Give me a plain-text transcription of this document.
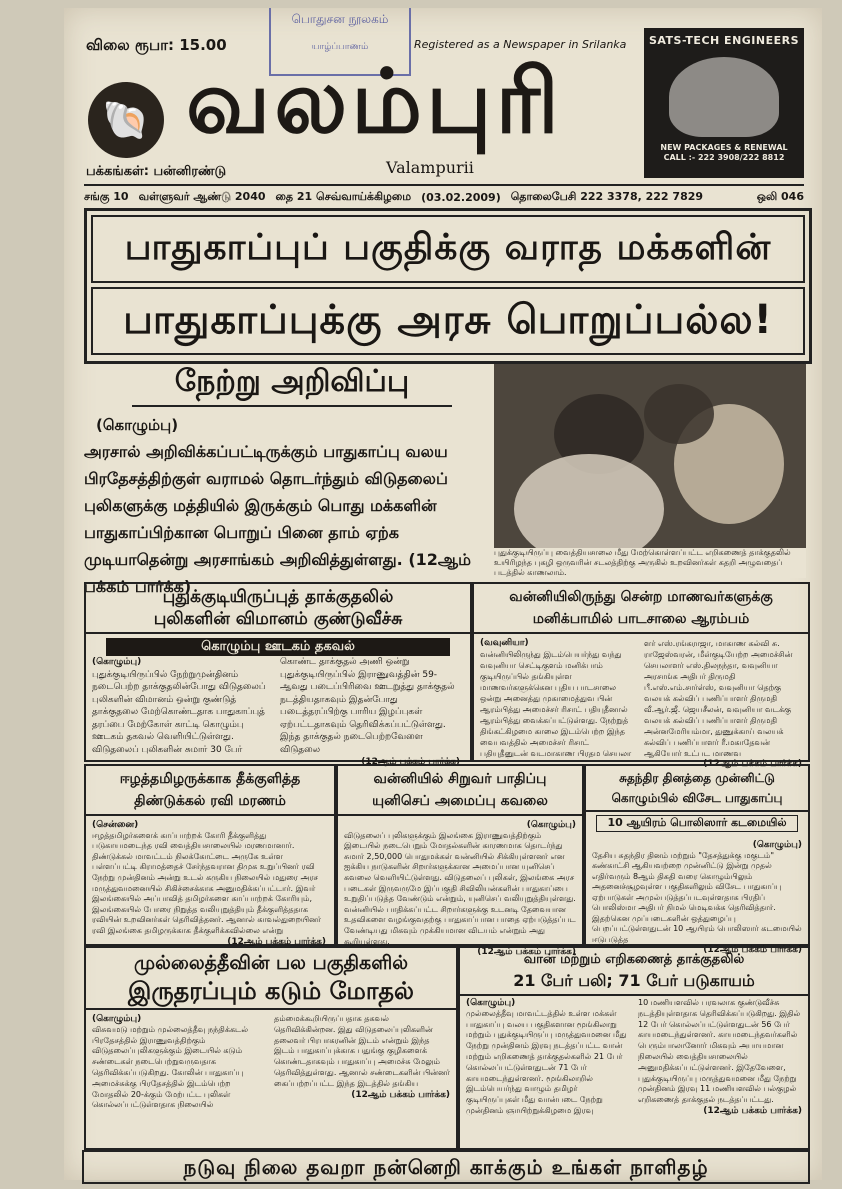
பொதுசன நூலகம்
யாழ்ப்பாணம்
விலை ரூபா: 15.00	Registered as a Newspaper in Srilanka
🐚 வலம்புரி
Valampurii
பக்கங்கள்: பன்னிரண்டு
SATS-TECH ENGINEERS
NEW PACKAGES & RENEWAL
CALL :- 222 3908/222 8812
சங்கு 10 வள்ளுவர் ஆண்டு 2040 தை 21 செவ்வாய்க்கிழமை (03.02.2009) தொலைபேசி 222 3378, 222 7829	ஒலி 046
பாதுகாப்புப் பகுதிக்கு வராத மக்களின்
பாதுகாப்புக்கு அரசு பொறுப்பல்ல!
நேற்று அறிவிப்பு
(கொழும்பு)
அரசால் அறிவிக்கப்பட்டிருக்கும் பாதுகாப்பு வலய பிரதேசத்திற்குள் வராமல் தொடர்ந்தும் விடுதலைப் புலிகளுக்கு மத்தியில் இருக்கும் பொது மக்களின் பாதுகாப்பிற்கான பொறுப் பினை தாம் ஏற்க முடியாதென்று அரசாங்கம் அறிவித்துள்ளது. (12ஆம் பக்கம் பார்க்க)
புதுக்குடியிருப்பு வைத்தியசாலை மீது மேற்கொள்ளப்பட்ட எறிகணைத் தாக்குதலில் உயிரிழந்த புகழி ஒருவரின் சடலத்திற்கு அருகில் உறவினர்கள் கதறி அழுவதைப் படத்தில் காணலாம்.
புதுக்குடியிருப்புத் தாக்குதலில்
புலிகளின் விமானம் குண்டுவீச்சு
கொழும்பு ஊடகம் தகவல்
(கொழும்பு)
புதுக்குடியிருப்பில் நேற்றுமுன்தினம் நடைபெற்ற தாக்குதலின்போது விடுதலைப் புலிகளின் விமானம் ஒன்று குண்டுத் தாக்குதலை மேற்கொண்டதாக பாதுகாப்புத் தரப்பை மேற்கோள் காட்டி கொழும்பு ஊடகம் தகவல் வெளியிட்டுள்ளது. விடுதலைப் புலிகளின் சுமார் 30 பேர்
கொண்ட தாக்குதல் அணி ஒன்று புதுக்குடியிருப்பில் இராணுவத்தின் 59-ஆவது படைப்பிரிவை ஊடறுத்து தாக்குதல் நடத்தியதாகவும் இதன்போது படைத்தரப்பிற்கு பாரிய இழப்புகள் ஏற்பட்டதாகவும் தெரிவிக்கப்பட்டுள்ளது. இந்த தாக்குதல் நடைபெற்றவேளை விடுதலை
(12ஆம் பக்கம் பார்க்க)
வன்னியிலிருந்து சென்ற மாணவர்களுக்கு
மனிக்பாமில் பாடசாலை ஆரம்பம்
(வவுனியா)
வன்னியிலிருந்து இடம்பெயர்ந்து வந்து வவுனியா செட்டிகுளம் மனிக்பாம் குடியிருப்பில் தங்கியுள்ள மாணவர்களுக்கென புதிய பாடசாலை ஒன்று அனைத்து முகாமைத்துவ பின் ஆரம்பித்து அமைச்சர் ரிசாட் பதியுதீனால் ஆரம்பித்து வைக்கப்பட்டுள்ளது. நேற்றுத் திங்கட்கிழமை காலை இடம்பெற்ற இந்த வைபவத்தில் அமைச்சர் ரிசாட் பதியுதீனுடன் வடமாகாண பிரதம செயலா
ளர் எஸ்.ரங்கராஜா, மாகாண கல்வி சு. ராஜேஸ்வரன், மீள்குடியேற்ற அமைச்சின் செயலாளர் எஸ்.திலநந்தா, வவுனியா அரசாங்க அதிபர் திருமதி பீ.எஸ்.எம்.சார்ள்ஸ், வவுனியா தெற்கு வலயக் கல்விப் பணிப்பாளர் திருமதி வீ.ஆர்.ஜீ. ஜெயசீலன், வவுனியா வடக்கு வலயக் கல்விப் பணிப்பாளர் திருமதி அன்னமேரியம்மா, துணுக்காய் வலயக் கல்விப் பணிப்பாளர் ரீ.மகாதேவன் ஆகியோர் உட்பட மாணவ
(12ஆம் பக்கம் பார்க்க)
ஈழத்தமிழருக்காக தீக்குளித்த
திண்டுக்கல் ரவி மரணம்
(சென்னை)
ஈழத்தமிழர்களைக் காப்பாற்றக் கோரி தீக்குளித்து படுகாயமடைந்த ரவி வைத்தியசாலையில் மரணமானார். திண்டுக்கல் மாவட்டம் நிலக்கோட்டை அருகே உள்ள பள்ளப்பட்டி கிராமத்தைச் சேர்ந்தவரான திமுக உறுப்பினர் ரவி நேற்று முன்தினம் அன்று உடல் கருகிய நிலையில் மதுரை அரச மருத்துவமனையில் சிகிச்சைக்காக அனுமதிக்கப்பட்டார். இவர் இலங்கையில் அப்பாவித் தமிழர்களை காப்பாற்றக் கோரியும், இலங்கையில் போரை நிறுத்த வலியுறுத்தியும் தீக்குளித்ததாக ரவியின் உறவினர்கள் தெரிவித்தனர். ஆனால் காவல்துறையினர் ரவி இலங்கை தமிழருக்காக தீக்குளிக்கவில்லை என்று
(12ஆம் பக்கம் பார்க்க)
வன்னியில் சிறுவர் பாதிப்பு
யுனிசெப் அமைப்பு கவலை
(கொழும்பு)
விடுதலைப் புலிகளுக்கும் இலங்கை இராணுவத்திற்கும் இடையில் நடைபெறும் மோதல்களின் காரணமாக தொடர்ந்து சுமார் 2,50,000 பொதுமக்கள் வன்னியில் சிக்கியுள்ளனர் என ஐக்கிய நாடுகளின் சிறார்களுக்கான அமைப்பான யுனிசெப் கவலை வெளியிட்டுள்ளது. விடுதலைப் புலிகள், இலங்கை அரச படைகள் இருவருமே இப்பகுதி சிவிலியன்களின் பாதுகாப்பை உறுதிப்படுத்த வேண்டும் என்றும், யுனிசெப் வலியுறுத்தியுள்ளது. வன்னியில் பாதிக்கப்பட்ட சிறார்களுக்கு உடனடி தேவையான உதவிகளை வழங்குவதற்கு பாதுகாப்பான பாதை ஏற்படுத்தப்பட வேண்டியது மிகவும் முக்கியமான விடயம் என்றும் அது கூறியுள்ளது.
(12ஆம் பக்கம் பார்க்க)
சுதந்திர தினத்தை முன்னிட்டு
கொழும்பில் விசேட பாதுகாப்பு
10 ஆயிரம் பொலிஸார் கடமையில்
(கொழும்பு)
தேசிய சுதந்திர தினம் மற்றும் "தேசத்துக்கு மகுடம்" கண்காட்சி ஆகியவற்றை முன்னிட்டு இன்று முதல் எதிர்வரும் 8ஆம் திகதி வரை கொழும்பிலும் அதனைச்சூழவுள்ள பகுதிகளிலும் விசேட பாதுகாப்பு ஏற்பாடுகள் அமுல்படுத்தப்படவுள்ளதாக பிரதிப் பொலிஸ்மா அதிபர் நிமல் மெடிவக்க தெரிவித்தார். இதற்கென முப்படைகளின் ஒத்துழைப்பு பெறப்பட்டுள்ளதுடன் 10 ஆயிரம் பொலிஸார் கடமையில் ஈடுபடுத்த
(12ஆம் பக்கம் பார்க்க)
முல்லைத்தீவின் பல பகுதிகளில்
இருதரப்பும் கடும் மோதல்
(கொழும்பு)
விசுவமடு மற்றும் முல்லைத்தீவு நந்திக்கடல் பிரதேசத்தில் இராணுவத்திற்கும் விடுதலைப்புலிகளுக்கும் இடையில் கடும் சண்டைகள் நடைபெற்றுவருவதாக தெரிவிக்கப்படுகிறது. கோலின் பாதுகாப்பு அமைச்சுக்கு பிரதேசத்தில் இடம்பெற்ற மோதலில் 20-க்கும் மேற்பட்ட புலிகள் கொல்லப்பட்டுள்ளதாக நிலையில்
தம்மைக்கூறியிருப்பதாக தகவல் தெரிவிக்கின்றன. இது விடுதலைப்புலிகளின் தலைவர் பிரபாகரனின் இடம் என்றும் இந்த இடம் பாதுகாப்புக்காக பதுங்கு குழிகளைக் கொண்டதாகவும் பாதுகாப்பு அமைச்சு மேலும் தெரிவித்துள்ளது. ஆனால் சண்டைகளின் பின்னர் கைப்பற்றப்பட்ட இந்த இடத்தில் தங்கிய
(12ஆம் பக்கம் பார்க்க)
வான் மற்றும் எறிகணைத் தாக்குதலில்
21 பேர் பலி; 71 பேர் படுகாயம்
(கொழும்பு)
முல்லைத்தீவு மாவட்டத்தில் உள்ள மக்கள் பாதுகாப்பு வலய பகுதிகளான மூங்கிலாறு மற்றும் புதுக்குடியிருப்பு மருத்துவமனை மீது நேற்று முன்தினம் இரவு நடத்தப்பட்ட வான் மற்றும் எறிகணைத் தாக்குதல்களில் 21 பேர் கொல்லப்பட்டுள்ளதுடன் 71 பேர் காயமடைந்துள்ளனர். மூங்கிலாறில் இடம்பெயர்ந்து வாழும் தமிழர் குடியிருப்புகள் மீது வான்படை நேற்று முன்தினம் ஞாயிற்றுக்கிழமை இரவு
10 மணியளவில் பரவலாக குண்டுவீச்சு நடத்தியுள்ளதாக தெரிவிக்கப்படுகிறது. இதில் 12 பேர் கொல்லப்பட்டுள்ளதுடன் 56 பேர் காயமடைந்துள்ளனர். காயமடைந்தவர்களில் பெரும்பாலானோர் மிகவும் அபாயமான நிலையில் வைத்தியசாலையில் அனுமதிக்கப்பட்டுள்ளனர். இதேவேளை, புதுக்குடியிருப்பு மருத்துவமனை மீது நேற்று முன்தினம் இரவு 11 மணியளவில் பல்குழல் எறிகணைத் தாக்குதல் நடத்தப்பட்டது.
(12ஆம் பக்கம் பார்க்க)
நடுவு நிலை தவறா நன்னெறி காக்கும் உங்கள் நாளிதழ்
